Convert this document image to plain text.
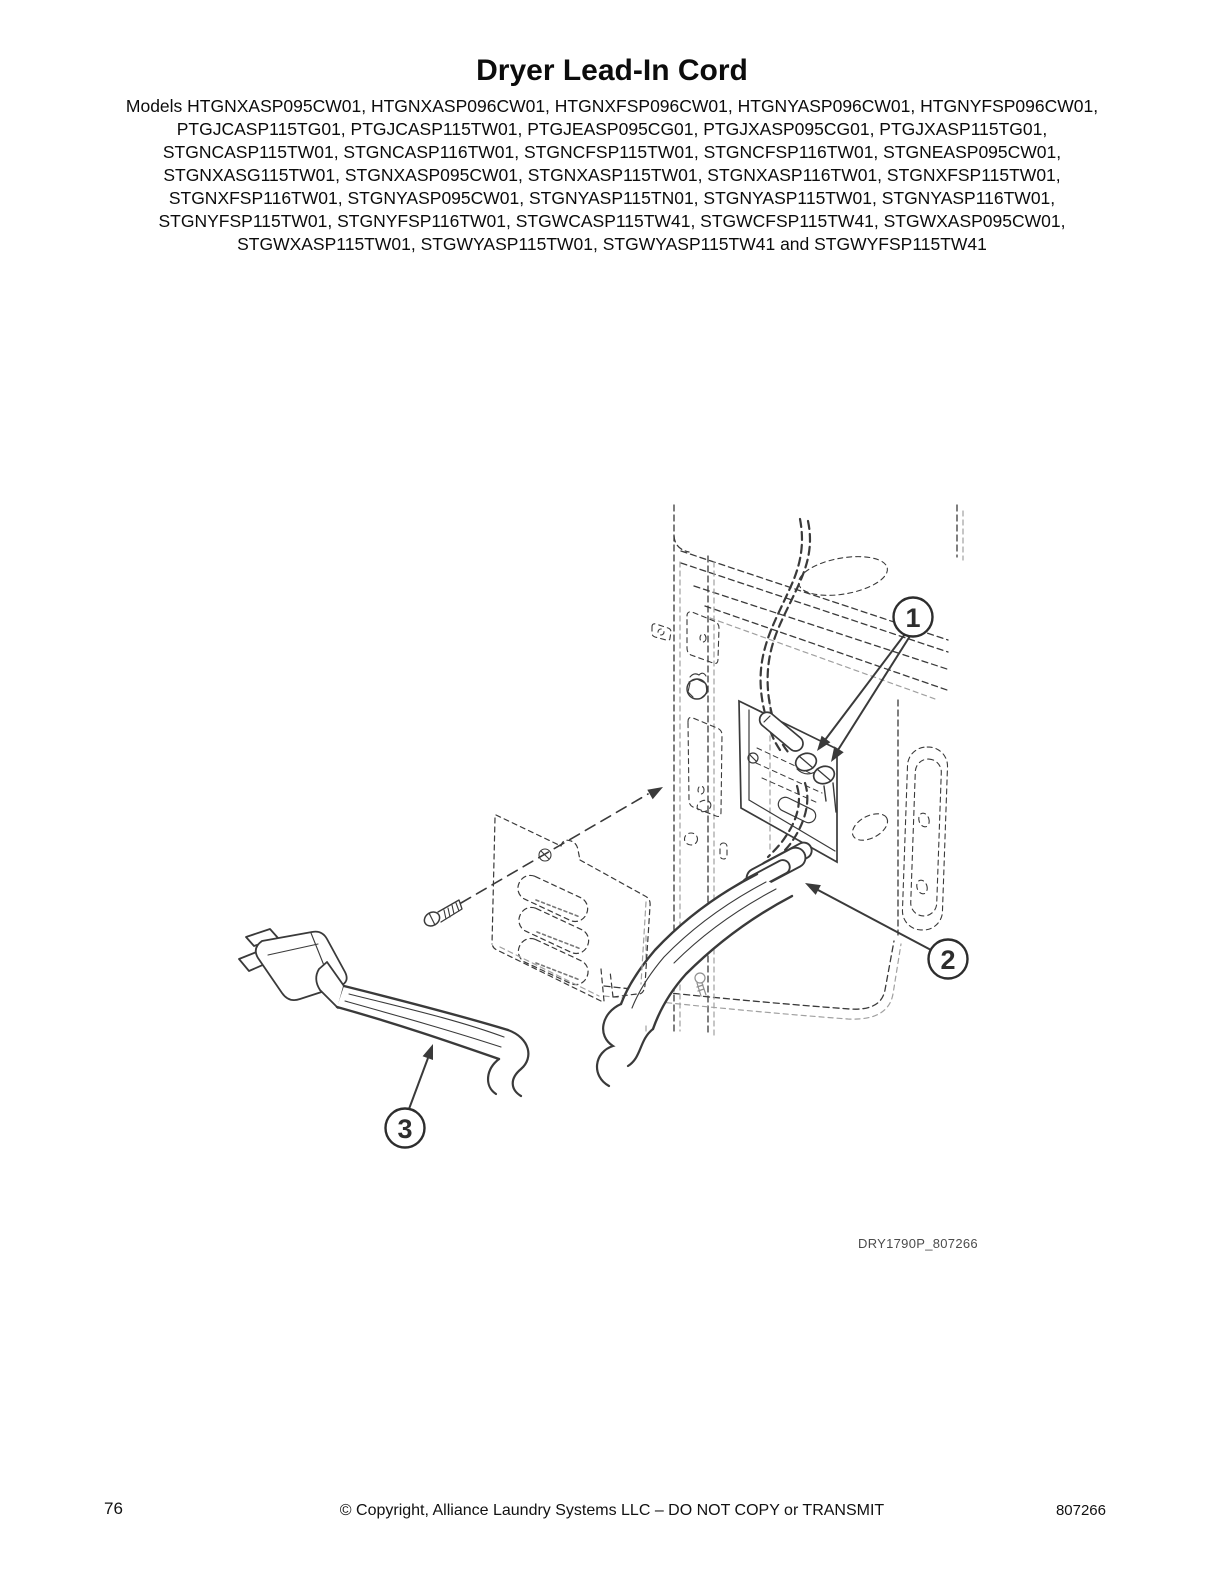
Dryer Lead-In Cord
Models HTGNXASP095CW01, HTGNXASP096CW01, HTGNXFSP096CW01, HTGNYASP096CW01, HTGNYFSP096CW01,
PTGJCASP115TG01, PTGJCASP115TW01, PTGJEASP095CG01, PTGJXASP095CG01, PTGJXASP115TG01,
STGNCASP115TW01, STGNCASP116TW01, STGNCFSP115TW01, STGNCFSP116TW01, STGNEASP095CW01,
STGNXASG115TW01, STGNXASP095CW01, STGNXASP115TW01, STGNXASP116TW01, STGNXFSP115TW01,
STGNXFSP116TW01, STGNYASP095CW01, STGNYASP115TN01, STGNYASP115TW01, STGNYASP116TW01,
STGNYFSP115TW01, STGNYFSP116TW01, STGWCASP115TW41, STGWCFSP115TW41, STGWXASP095CW01,
STGWXASP115TW01, STGWYASP115TW01, STGWYASP115TW41 and STGWYFSP115TW41
1
2
3
DRY1790P_807266
76	© Copyright, Alliance Laundry Systems LLC – DO NOT COPY or TRANSMIT	807266
